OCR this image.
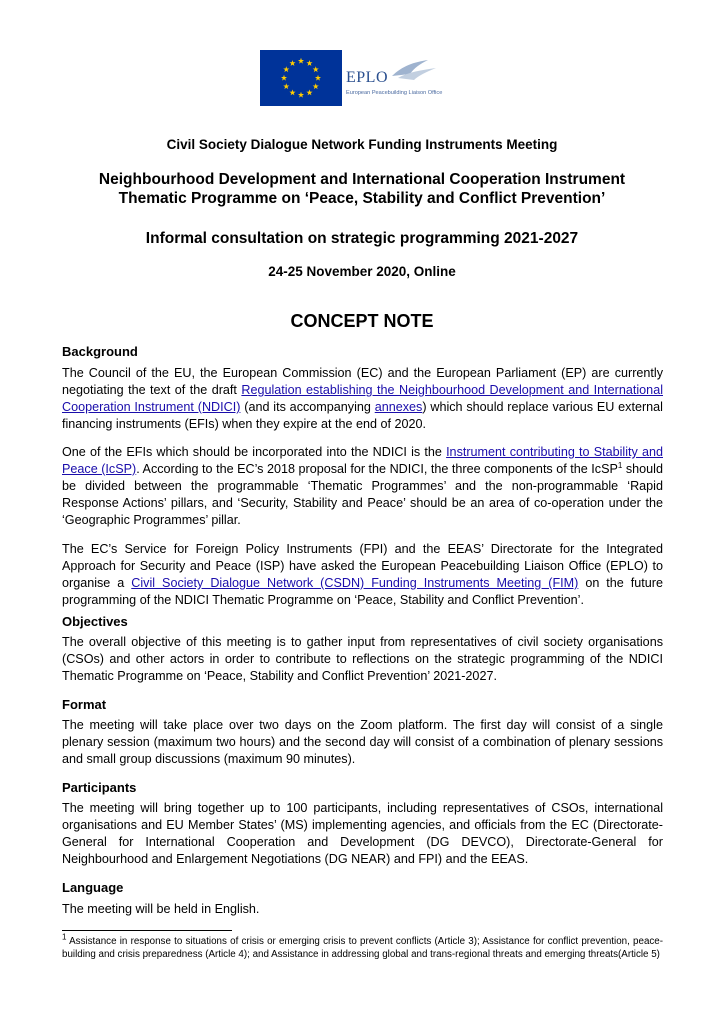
EPLO
European Peacebuilding Liaison Office
Civil Society Dialogue Network Funding Instruments Meeting
Neighbourhood Development and International Cooperation Instrument
Thematic Programme on ‘Peace, Stability and Conflict Prevention’
Informal consultation on strategic programming 2021-2027
24-25 November 2020, Online
CONCEPT NOTE
Background
The Council of the EU, the European Commission (EC) and the European Parliament (EP) are currently negotiating the text of the draft Regulation establishing the Neighbourhood Development and International Cooperation Instrument (NDICI) (and its accompanying annexes) which should replace various EU external financing instruments (EFIs) when they expire at the end of 2020.
One of the EFIs which should be incorporated into the NDICI is the Instrument contributing to Stability and Peace (IcSP). According to the EC’s 2018 proposal for the NDICI, the three components of the IcSP$^1$ should be divided between the programmable ‘Thematic Programmes’ and the non-programmable ‘Rapid Response Actions’ pillars, and ‘Security, Stability and Peace’ should be an area of co-operation under the ‘Geographic Programmes’ pillar.
The EC’s Service for Foreign Policy Instruments (FPI) and the EEAS’ Directorate for the Integrated Approach for Security and Peace (ISP) have asked the European Peacebuilding Liaison Office (EPLO) to organise a Civil Society Dialogue Network (CSDN) Funding Instruments Meeting (FIM) on the future programming of the NDICI Thematic Programme on ‘Peace, Stability and Conflict Prevention’.
Objectives
The overall objective of this meeting is to gather input from representatives of civil society organisations (CSOs) and other actors in order to contribute to reflections on the strategic programming of the NDICI Thematic Programme on ‘Peace, Stability and Conflict Prevention’ 2021-2027.
Format
The meeting will take place over two days on the Zoom platform. The first day will consist of a single plenary session (maximum two hours) and the second day will consist of a combination of plenary sessions and small group discussions (maximum 90 minutes).
Participants
The meeting will bring together up to 100 participants, including representatives of CSOs, international organisations and EU Member States’ (MS) implementing agencies, and officials from the EC (Directorate-General for International Cooperation and Development (DG DEVCO), Directorate-General for Neighbourhood and Enlargement Negotiations (DG NEAR) and FPI) and the EEAS.
Language
The meeting will be held in English.
$^1$ Assistance in response to situations of crisis or emerging crisis to prevent conflicts (Article 3); Assistance for conflict prevention, peace-building and crisis preparedness (Article 4); and Assistance in addressing global and trans-regional threats and emerging threats(Article 5)
